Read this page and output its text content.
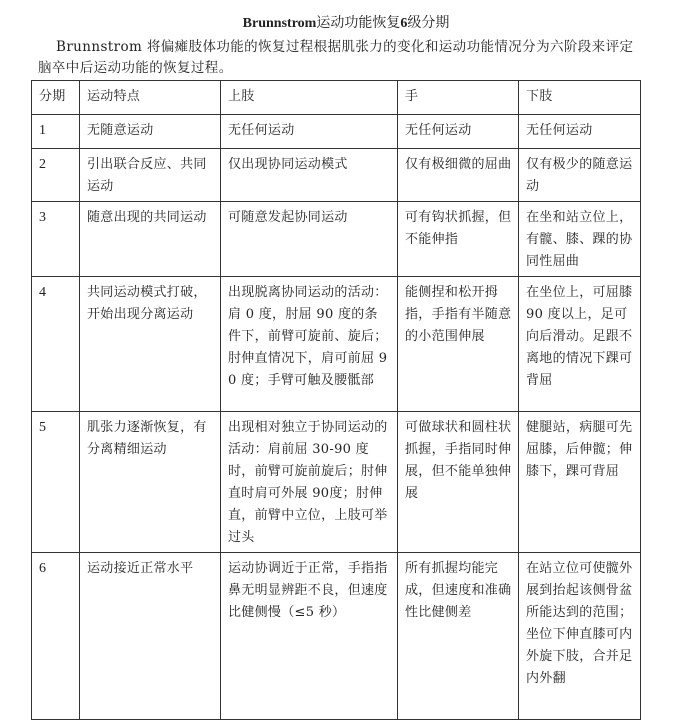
Brunnstrom运动功能恢复6级分期
Brunnstrom 将偏瘫肢体功能的恢复过程根据肌张力的变化和运动功能情况分为六阶段来评定脑卒中后运动功能的恢复过程。
分期	运动特点	上肢	手	下肢
1	无随意运动	无任何运动	无任何运动	无任何运动
2	引出联合反应、共同运动	仅出现协同运动模式	仅有极细微的屈曲	仅有极少的随意运动
3	随意出现的共同运动	可随意发起协同运动	可有钩状抓握，但不能伸指	在坐和站立位上，有髋、膝、踝的协同性屈曲
4	共同运动模式打破，开始出现分离运动	出现脱离协同运动的活动：肩 0 度，肘屈 90 度的条件下，前臂可旋前、旋后；肘伸直情况下，肩可前屈 90 度；手臂可触及腰骶部	能侧捏和松开拇指，手指有半随意的小范围伸展	在坐位上，可屈膝 90 度以上，足可向后滑动。足跟不离地的情况下踝可背屈
5	肌张力逐渐恢复，有分离精细运动	出现相对独立于协同运动的活动：肩前屈 30-90 度时，前臂可旋前旋后；肘伸直时肩可外展 90度；肘伸直，前臂中立位，上肢可举过头	可做球状和圆柱状抓握，手指同时伸展，但不能单独伸展	健腿站，病腿可先屈膝，后伸髋；伸膝下，踝可背屈
6	运动接近正常水平	运动协调近于正常，手指指鼻无明显辨距不良，但速度比健侧慢（≤5 秒）	所有抓握均能完成，但速度和准确性比健侧差	在站立位可使髋外展到抬起该侧骨盆所能达到的范围；坐位下伸直膝可内外旋下肢，合并足内外翻
